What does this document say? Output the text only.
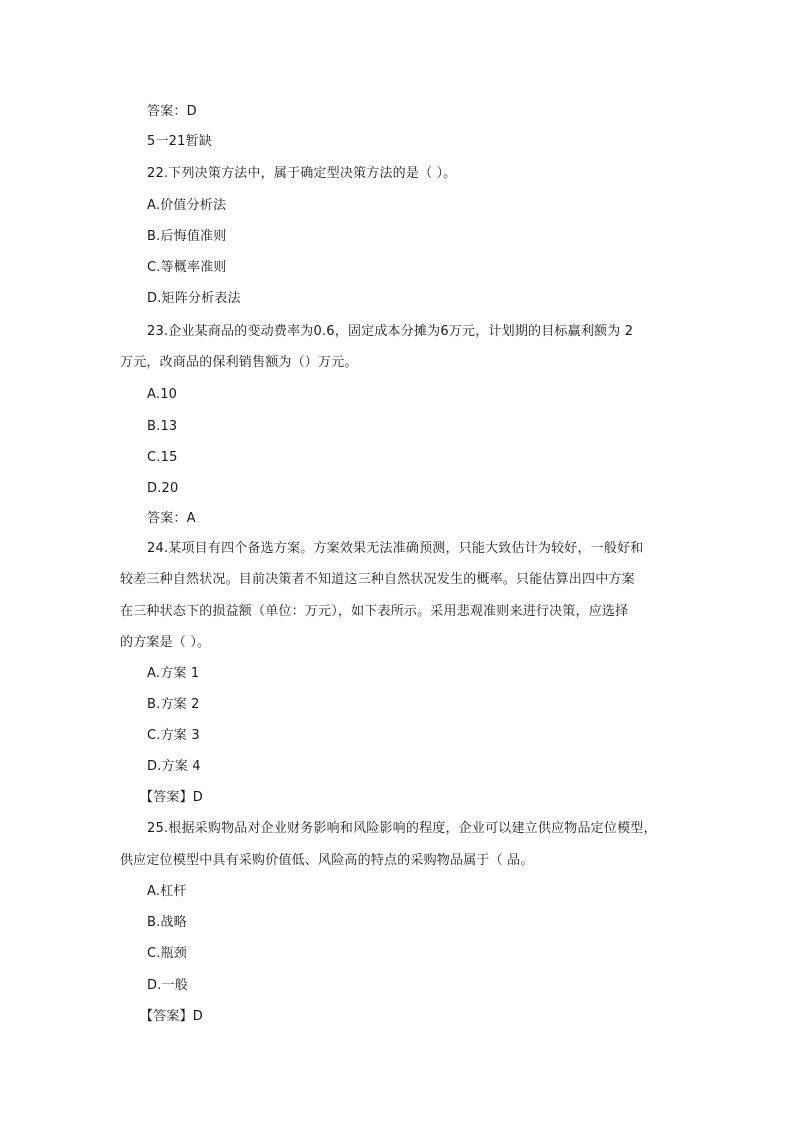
答案：D
5一21暂缺
22.下列决策方法中，属于确定型决策方法的是（ ）。
A.价值分析法
B.后悔值准则
C.等概率准则
D.矩阵分析表法
23.企业某商品的变动费率为0.6，固定成本分摊为6万元，计划期的目标赢利额为 2
万元，改商品的保利销售额为（）万元。
A.10
B.13
C.15
D.20
答案：A
24.某项目有四个备选方案。方案效果无法准确预测，只能大致估计为较好，一般好和
较差三种自然状况。目前决策者不知道这三种自然状况发生的概率。只能估算出四中方案
在三种状态下的损益额（单位：万元），如下表所示。采用悲观准则来进行决策，应选择
的方案是（ ）。
A.方案 1
B.方案 2
C.方案 3
D.方案 4
【答案】D
25.根据采购物品对企业财务影响和风险影响的程度，企业可以建立供应物品定位模型，
供应定位模型中具有采购价值低、风险高的特点的采购物品属于（ 品。
A.杠杆
B.战略
C.瓶颈
D.一般
【答案】D
